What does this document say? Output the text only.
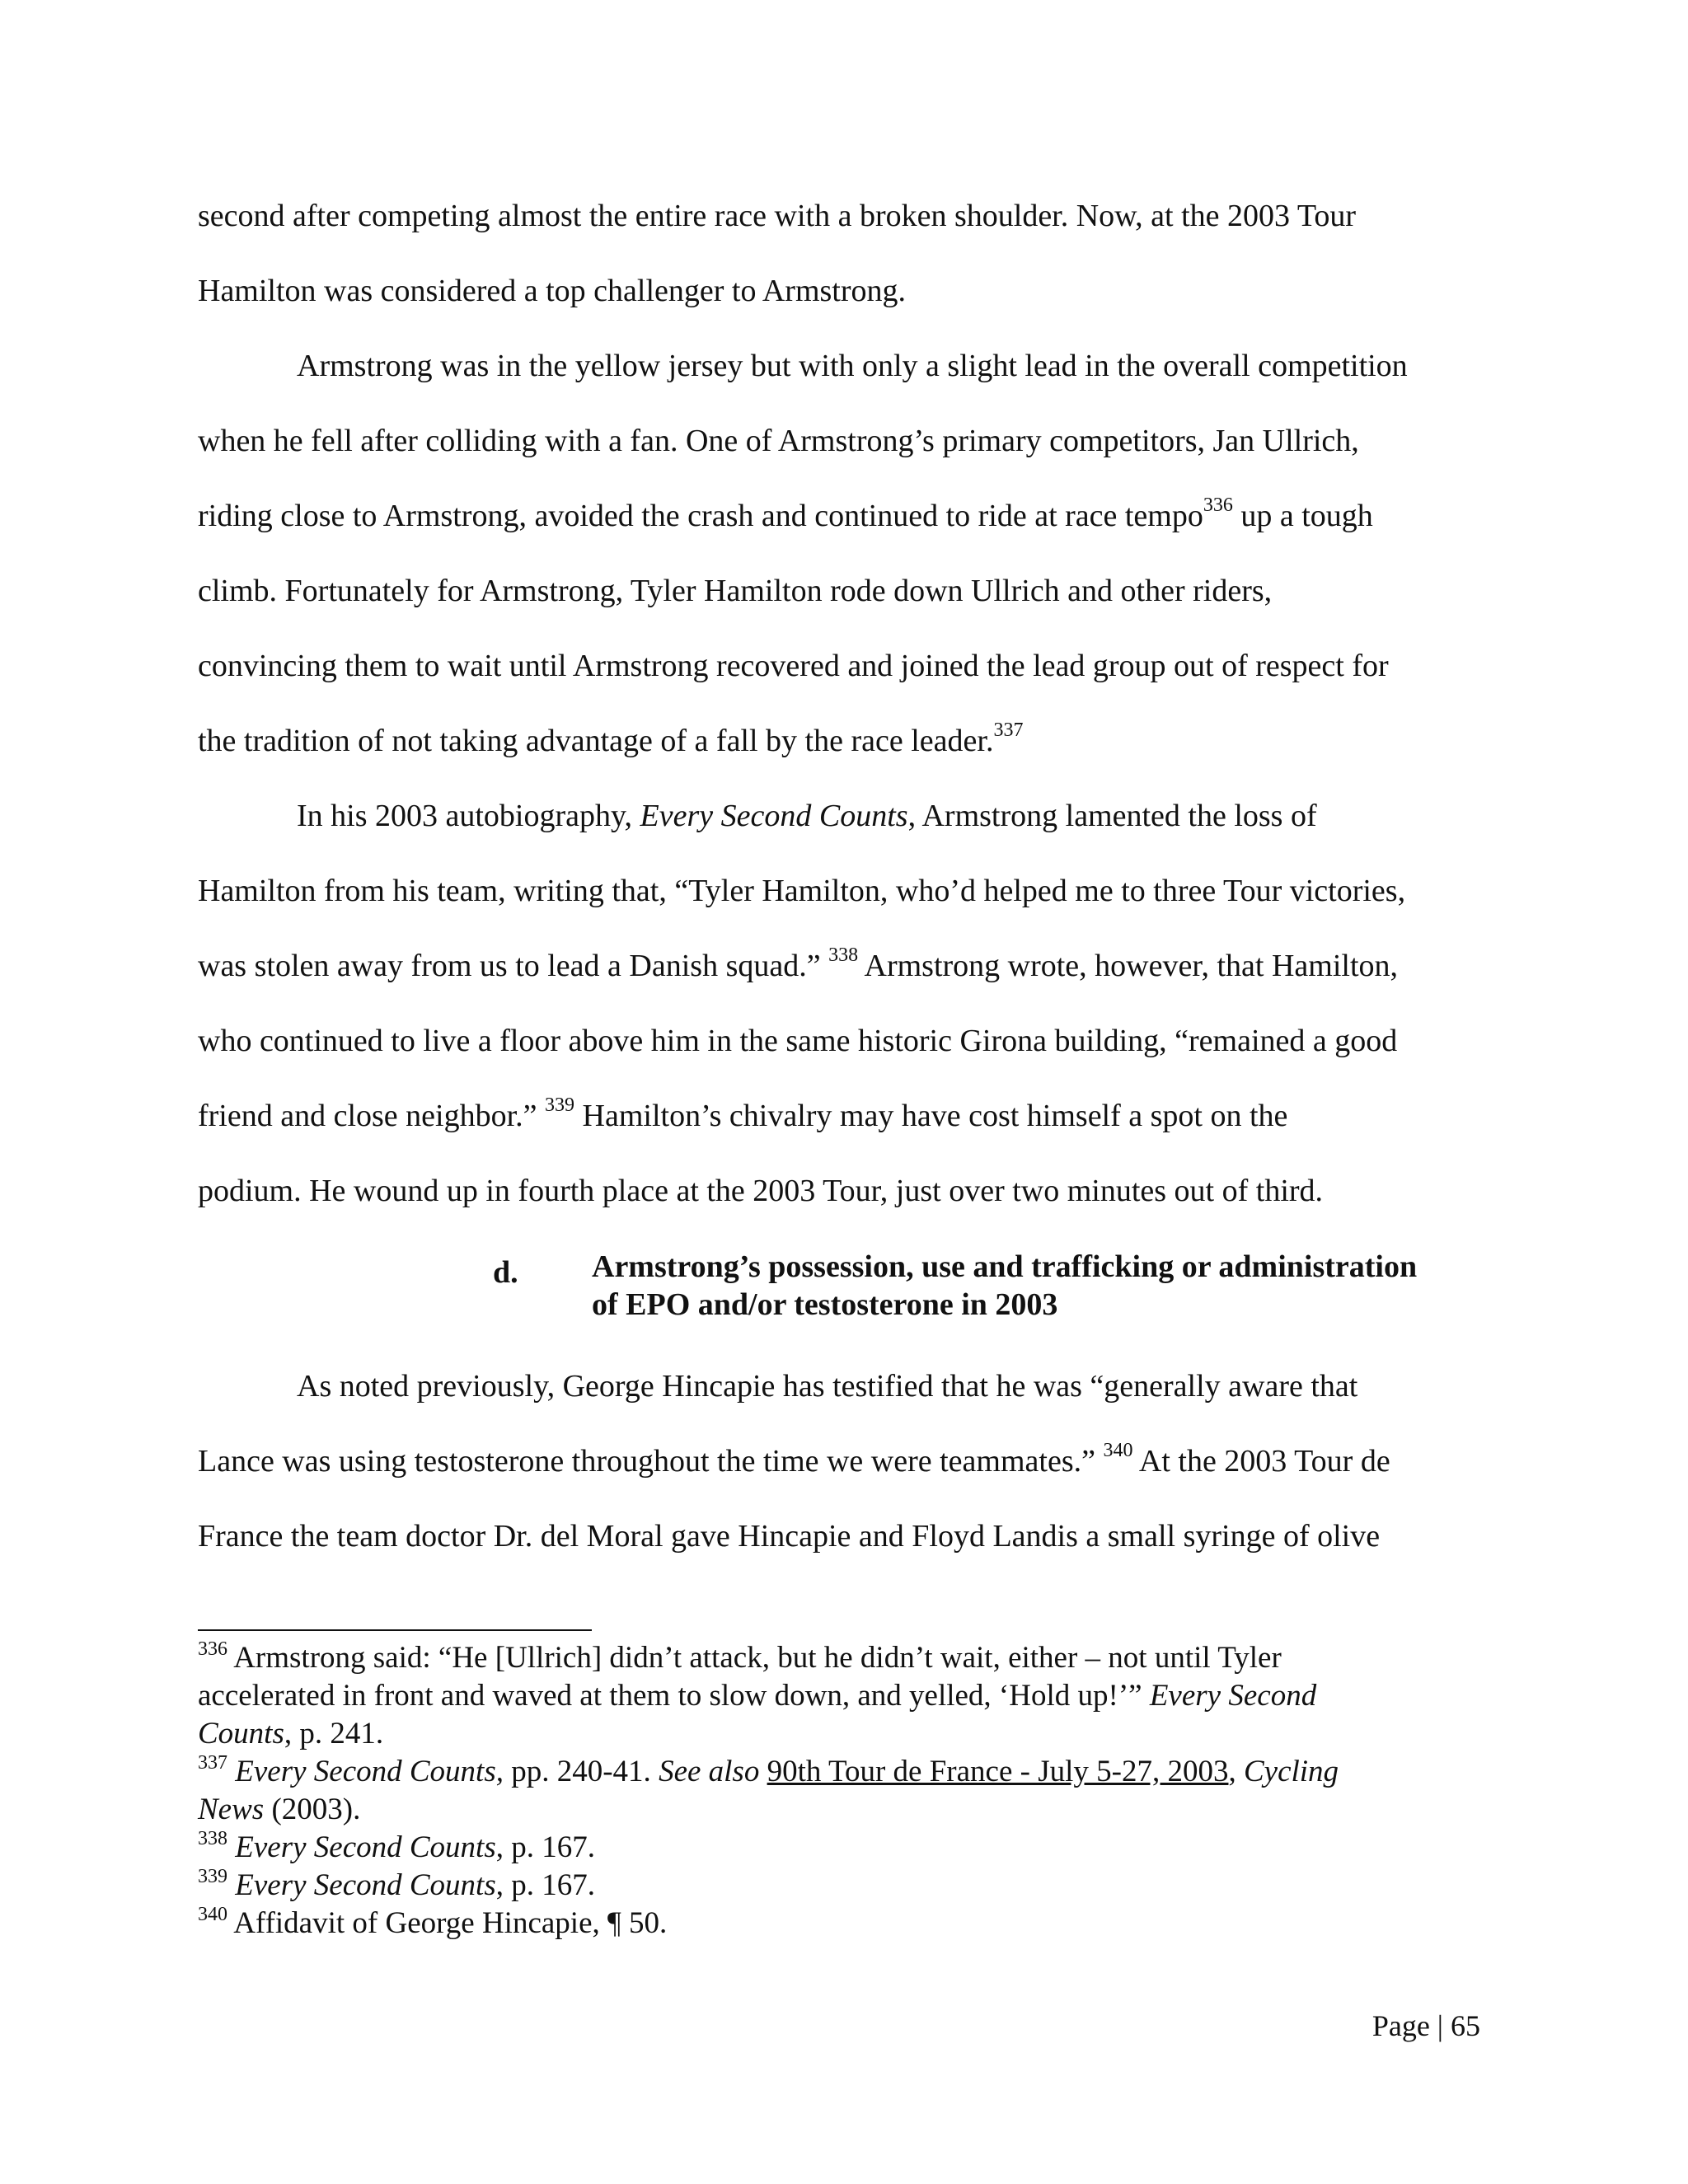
second after competing almost the entire race with a broken shoulder. Now, at the 2003 Tour
Hamilton was considered a top challenger to Armstrong.
Armstrong was in the yellow jersey but with only a slight lead in the overall competition
when he fell after colliding with a fan. One of Armstrong’s primary competitors, Jan Ullrich,
riding close to Armstrong, avoided the crash and continued to ride at race tempo$^{336}$ up a tough
climb. Fortunately for Armstrong, Tyler Hamilton rode down Ullrich and other riders,
convincing them to wait until Armstrong recovered and joined the lead group out of respect for
the tradition of not taking advantage of a fall by the race leader.$^{337}$
In his 2003 autobiography, Every Second Counts, Armstrong lamented the loss of
Hamilton from his team, writing that, “Tyler Hamilton, who’d helped me to three Tour victories,
was stolen away from us to lead a Danish squad.” $^{338}$ Armstrong wrote, however, that Hamilton,
who continued to live a floor above him in the same historic Girona building, “remained a good
friend and close neighbor.” $^{339}$ Hamilton’s chivalry may have cost himself a spot on the
podium. He wound up in fourth place at the 2003 Tour, just over two minutes out of third.
d. Armstrong’s possession, use and trafficking or administration
of EPO and/or testosterone in 2003
As noted previously, George Hincapie has testified that he was “generally aware that
Lance was using testosterone throughout the time we were teammates.” $^{340}$ At the 2003 Tour de
France the team doctor Dr. del Moral gave Hincapie and Floyd Landis a small syringe of olive
$^{336}$ Armstrong said: “He [Ullrich] didn’t attack, but he didn’t wait, either – not until Tyler
accelerated in front and waved at them to slow down, and yelled, ‘Hold up!’” Every Second
Counts, p. 241.
$^{337}$ Every Second Counts, pp. 240-41. See also 90th Tour de France - July 5-27, 2003, Cycling
News (2003).
$^{338}$ Every Second Counts, p. 167.
$^{339}$ Every Second Counts, p. 167.
$^{340}$ Affidavit of George Hincapie, ¶ 50.
Page | 65
